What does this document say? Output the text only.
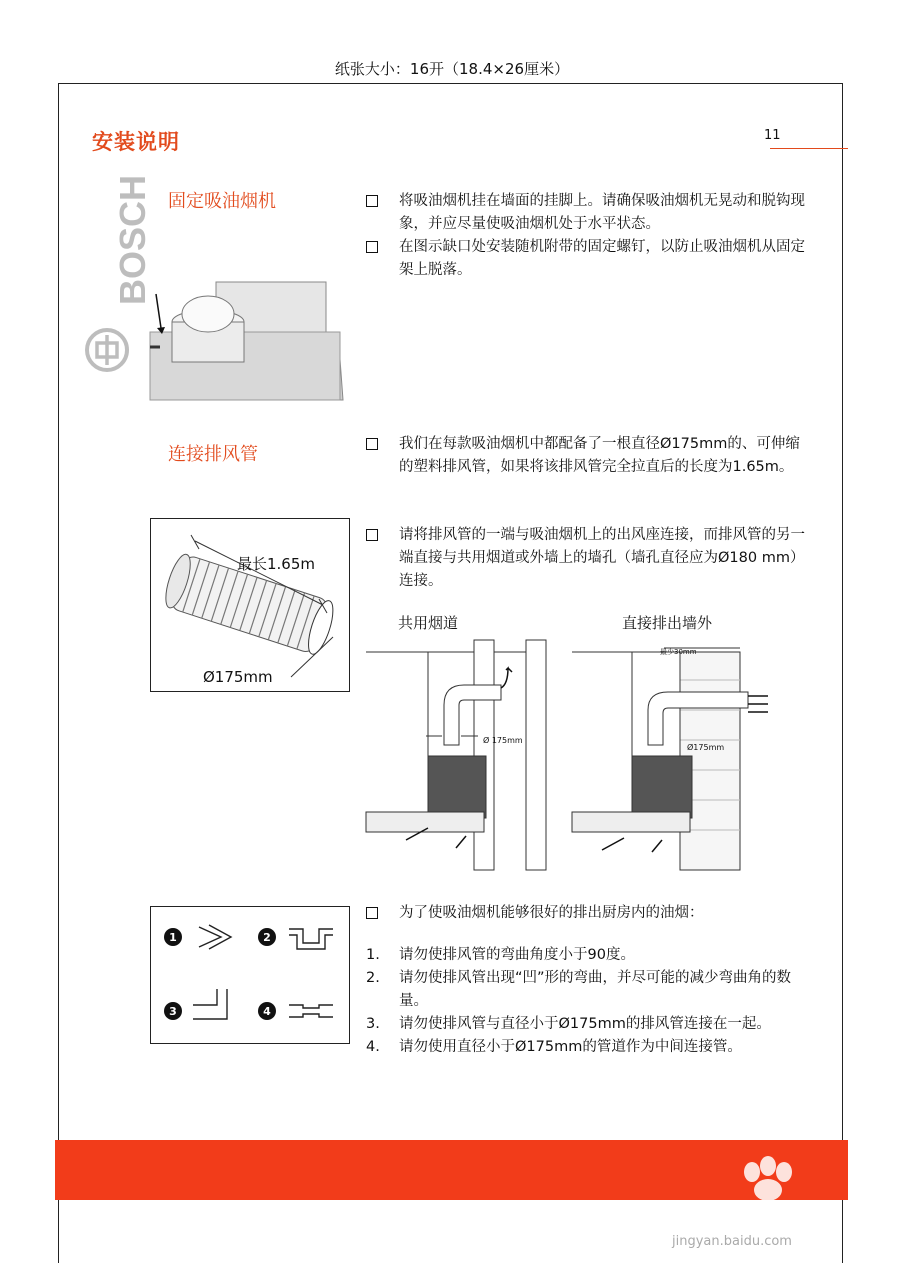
纸张大小：16开（18.4×26厘米）
11
安装说明
BOSCH 固定吸油烟机	将吸油烟机挂在墙面的挂脚上。请确保吸油烟机无晃动和脱钩现象，并应尽量使吸油烟机处于水平状态。
在图示缺口处安装随机附带的固定螺钉，以防止吸油烟机从固定架上脱落。
连接排风管	我们在每款吸油烟机中都配备了一根直径Ø175mm的、可伸缩的塑料排风管，如果将该排风管完全拉直后的长度为1.65m。
请将排风管的一端与吸油烟机上的出风座连接，而排风管的另一端直接与共用烟道或外墙上的墙孔（墙孔直径应为Ø180 mm）连接。
最长1.65m
Ø175mm
共用烟道	直接排出墙外
Ø 175mm
最少30mm
Ø175mm
为了使吸油烟机能够很好的排出厨房内的油烟：
1. 请勿使排风管的弯曲角度小于90度。
2. 请勿使排风管出现“凹”形的弯曲，并尽可能的减少弯曲角的数量。
3. 请勿使排风管与直径小于Ø175mm的排风管连接在一起。
4. 请勿使用直径小于Ø175mm的管道作为中间连接管。
1	2
3	4
Baidu经验
jingyan.baidu.com
